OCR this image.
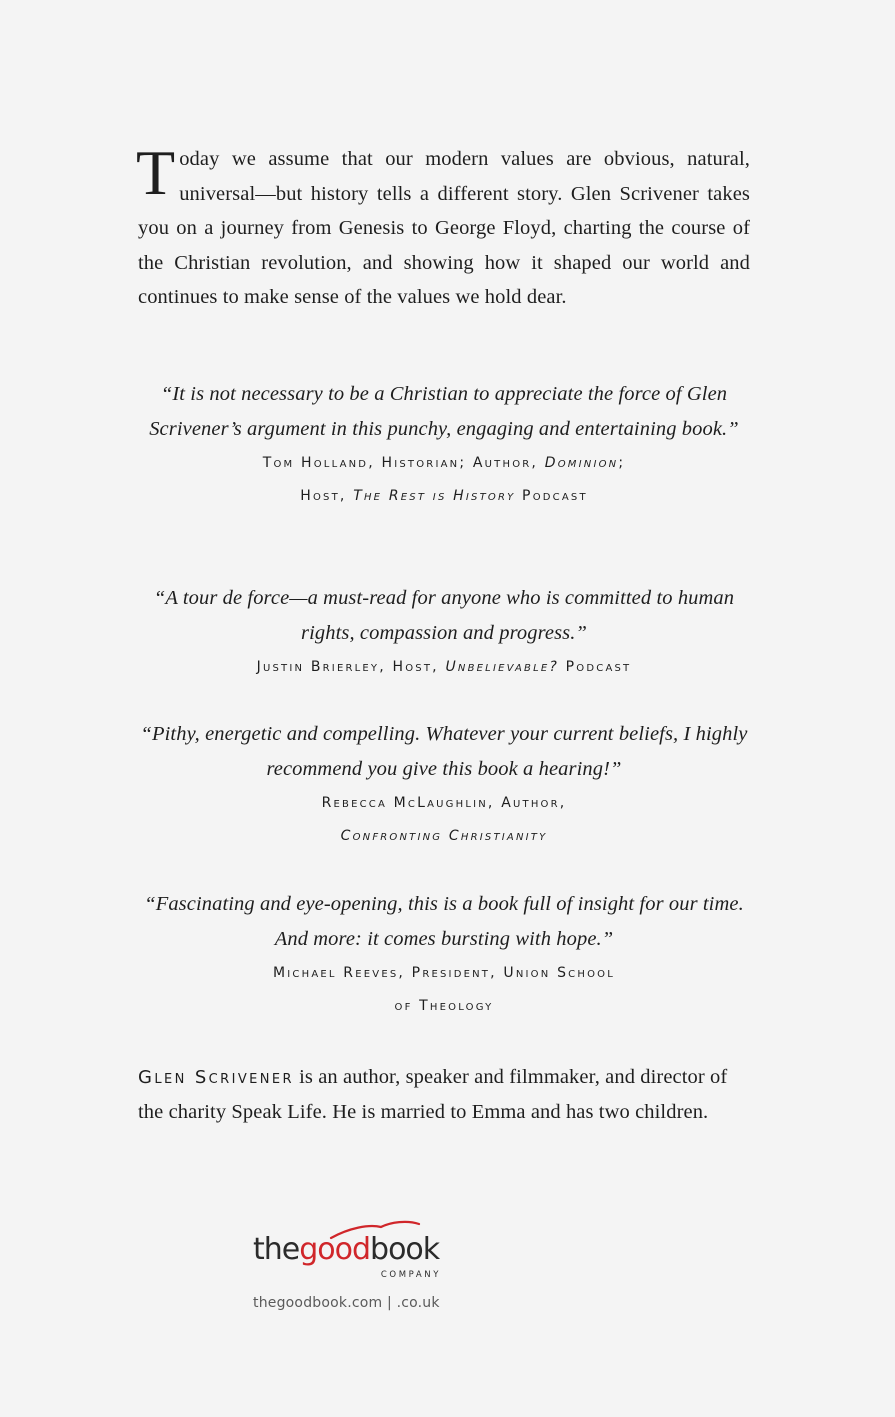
Today we assume that our modern values are obvious, natural, universal—but history tells a different story. Glen Scrivener takes you on a journey from Genesis to George Floyd, charting the course of the Christian revolution, and showing how it shaped our world and continues to make sense of the values we hold dear.
“It is not necessary to be a Christian to appreciate the force of Glen Scrivener’s argument in this punchy, engaging and entertaining book.”
Tom Holland, Historian; Author, Dominion;
Host, The Rest is History Podcast
“A tour de force—a must-read for anyone who is committed to human rights, compassion and progress.”
Justin Brierley, Host, Unbelievable? Podcast
“Pithy, energetic and compelling. Whatever your current beliefs, I highly recommend you give this book a hearing!”
Rebecca McLaughlin, Author,
Confronting Christianity
“Fascinating and eye-opening, this is a book full of insight for our time. And more: it comes bursting with hope.”
Michael Reeves, President, Union School
of Theology
Glen Scrivener is an author, speaker and filmmaker, and director of the charity Speak Life. He is married to Emma and has two children.
thegoodbook
COMPANY
thegoodbook.com | .co.uk
